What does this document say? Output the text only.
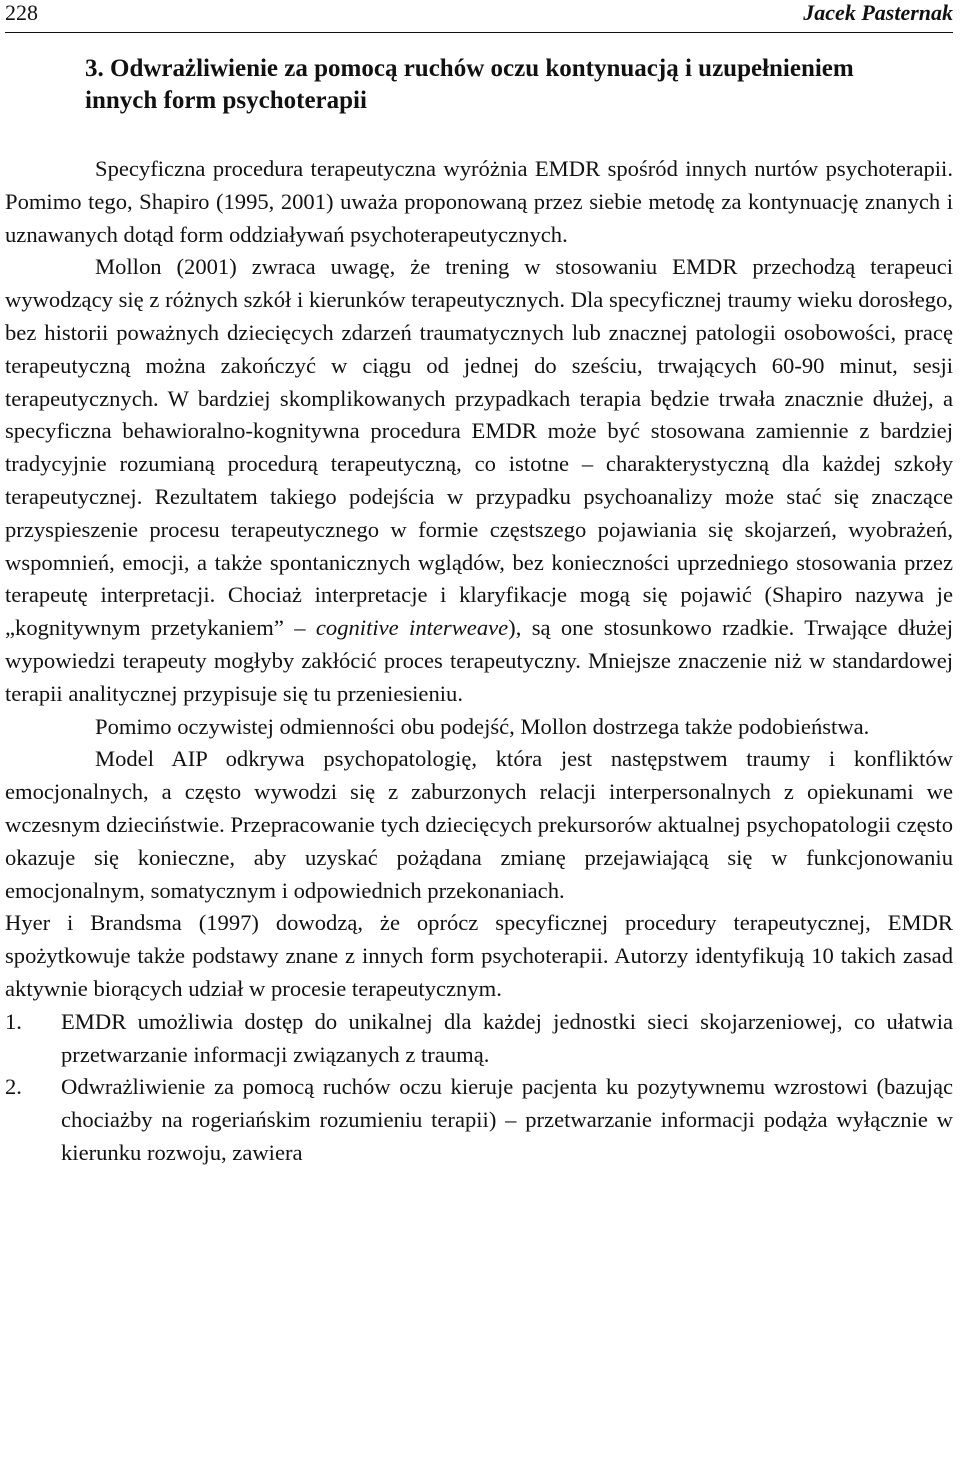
228	Jacek Pasternak
3. Odwrażliwienie za pomocą ruchów oczu kontynuacją i uzupełnieniem innych form psychoterapii

Specyficzna procedura terapeutyczna wyróżnia EMDR spośród innych nurtów psychoterapii. Pomimo tego, Shapiro (1995, 2001) uważa proponowaną przez siebie metodę za kontynuację znanych i uznawanych dotąd form oddziaływań psychoterapeutycznych.

Mollon (2001) zwraca uwagę, że trening w stosowaniu EMDR przechodzą terapeuci wywodzący się z różnych szkół i kierunków terapeutycznych. Dla specyficznej traumy wieku dorosłego, bez historii poważnych dziecięcych zdarzeń traumatycznych lub znacznej patologii osobowości, pracę terapeutyczną można zakończyć w ciągu od jednej do sześciu, trwających 60-90 minut, sesji terapeutycznych. W bardziej skomplikowanych przypadkach terapia będzie trwała znacznie dłużej, a specyficzna behawioralno-kognitywna procedura EMDR może być stosowana zamiennie z bardziej tradycyjnie rozumianą procedurą terapeutyczną, co istotne – charakterystyczną dla każdej szkoły terapeutycznej. Rezultatem takiego podejścia w przypadku psychoanalizy może stać się znaczące przyspieszenie procesu terapeutycznego w formie częstszego pojawiania się skojarzeń, wyobrażeń, wspomnień, emocji, a także spontanicznych wglądów, bez konieczności uprzedniego stosowania przez terapeutę interpretacji. Chociaż interpretacje i klaryfikacje mogą się pojawić (Shapiro nazywa je „kognitywnym przetykaniem” – cognitive interweave), są one stosunkowo rzadkie. Trwające dłużej wypowiedzi terapeuty mogłyby zakłócić proces terapeutyczny. Mniejsze znaczenie niż w standardowej terapii analitycznej przypisuje się tu przeniesieniu.

Pomimo oczywistej odmienności obu podejść, Mollon dostrzega także podobieństwa.

Model AIP odkrywa psychopatologię, która jest następstwem traumy i konfliktów emocjonalnych, a często wywodzi się z zaburzonych relacji interpersonalnych z opiekunami we wczesnym dzieciństwie. Przepracowanie tych dziecięcych prekursorów aktualnej psychopatologii często okazuje się konieczne, aby uzyskać pożądana zmianę przejawiającą się w funkcjonowaniu emocjonalnym, somatycznym i odpowiednich przekonaniach.

Hyer i Brandsma (1997) dowodzą, że oprócz specyficznej procedury terapeutycznej, EMDR spożytkowuje także podstawy znane z innych form psychoterapii. Autorzy identyfikują 10 takich zasad aktywnie biorących udział w procesie terapeutycznym.

1. EMDR umożliwia dostęp do unikalnej dla każdej jednostki sieci skojarzeniowej, co ułatwia przetwarzanie informacji związanych z traumą.
2. Odwrażliwienie za pomocą ruchów oczu kieruje pacjenta ku pozytywnemu wzrostowi (bazując chociażby na rogeriańskim rozumieniu terapii) – przetwarzanie informacji podąża wyłącznie w kierunku rozwoju, zawiera
